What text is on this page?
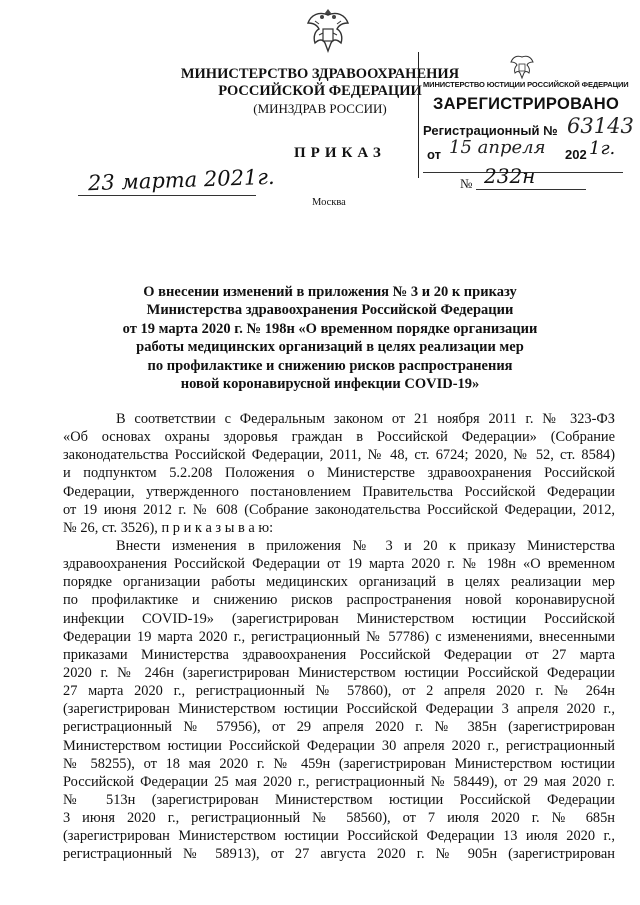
МИНИСТЕРСТВО ЗДРАВООХРАНЕНИЯ
РОССИЙСКОЙ ФЕДЕРАЦИИ
(МИНЗДРАВ РОССИИ)
МИНИСТЕРСТВО ЮСТИЦИИ РОССИЙСКОЙ ФЕДЕРАЦИИ
ЗАРЕГИСТРИРОВАНО
Регистрационный № 63143
от 15 апреля 202 1г.
ПРИКАЗ
23 марта 2021г.	№ 232н
Москва
О внесении изменений в приложения № 3 и 20 к приказу
Министерства здравоохранения Российской Федерации
от 19 марта 2020 г. № 198н «О временном порядке организации
работы медицинских организаций в целях реализации мер
по профилактике и снижению рисков распространения
новой коронавирусной инфекции COVID-19»
В соответствии с Федеральным законом от 21 ноября 2011 г. № 323-ФЗ
«Об основах охраны здоровья граждан в Российской Федерации» (Собрание
законодательства Российской Федерации, 2011, № 48, ст. 6724; 2020, № 52, ст. 8584)
и подпунктом 5.2.208 Положения о Министерстве здравоохранения Российской
Федерации, утвержденного постановлением Правительства Российской Федерации
от 19 июня 2012 г. № 608 (Собрание законодательства Российской Федерации, 2012,
№ 26, ст. 3526), п р и к а з ы в а ю:
Внести изменения в приложения № 3 и 20 к приказу Министерства
здравоохранения Российской Федерации от 19 марта 2020 г. № 198н «О временном
порядке организации работы медицинских организаций в целях реализации мер
по профилактике и снижению рисков распространения новой коронавирусной
инфекции COVID-19» (зарегистрирован Министерством юстиции Российской
Федерации 19 марта 2020 г., регистрационный № 57786) с изменениями, внесенными
приказами Министерства здравоохранения Российской Федерации от 27 марта
2020 г. № 246н (зарегистрирован Министерством юстиции Российской Федерации
27 марта 2020 г., регистрационный № 57860), от 2 апреля 2020 г. № 264н
(зарегистрирован Министерством юстиции Российской Федерации 3 апреля 2020 г.,
регистрационный № 57956), от 29 апреля 2020 г. № 385н (зарегистрирован
Министерством юстиции Российской Федерации 30 апреля 2020 г., регистрационный
№ 58255), от 18 мая 2020 г. № 459н (зарегистрирован Министерством юстиции
Российской Федерации 25 мая 2020 г., регистрационный № 58449), от 29 мая 2020 г.
№ 513н (зарегистрирован Министерством юстиции Российской Федерации
3 июня 2020 г., регистрационный № 58560), от 7 июля 2020 г. № 685н
(зарегистрирован Министерством юстиции Российской Федерации 13 июля 2020 г.,
регистрационный № 58913), от 27 августа 2020 г. № 905н (зарегистрирован
